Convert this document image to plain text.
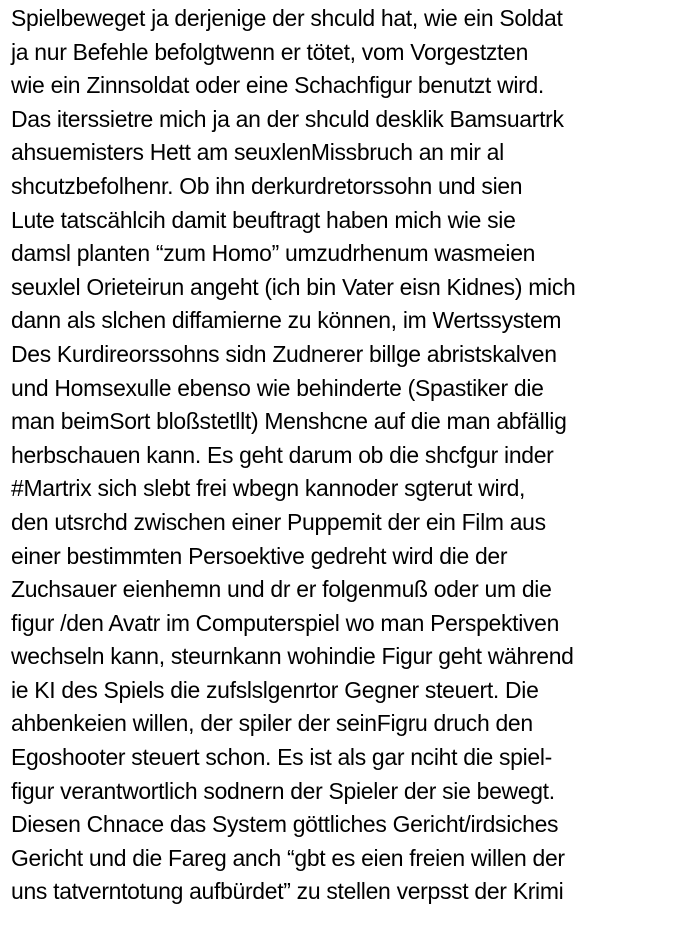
Spielbeweget ja derjenige der shculd hat, wie ein Soldat
ja nur Befehle befolgtwenn er tötet, vom Vorgestzten
wie ein Zinnsoldat oder eine Schachfigur benutzt wird.
Das iterssietre mich ja an der shculd desklik Bamsuartrk
ahsuemisters Hett am seuxlenMissbruch an mir al
shcutzbefolhenr. Ob ihn derkurdretorssohn und sien
Lute tatscählcih damit beuftragt haben mich wie sie
damsl planten “zum Homo” umzudrhenum wasmeien
seuxlel Orieteirun angeht (ich bin Vater eisn Kidnes) mich
dann als slchen diffamierne zu können, im Wertssystem
Des Kurdireorssohns sidn Zudnerer billge abristskalven
und Homsexulle ebenso wie behinderte (Spastiker die
man beimSort bloßstetllt) Menshcne auf die man abfällig
herbschauen kann. Es geht darum ob die shcfgur inder
#Martrix sich slebt frei wbegn kannoder sgterut wird,
den utsrchd zwischen einer Puppemit der ein Film aus
einer bestimmten Persoektive gedreht wird die der
Zuchsauer eienhemn und dr er folgenmuß oder um die
figur /den Avatr im Computerspiel wo man Perspektiven
wechseln kann, steurnkann wohindie Figur geht während
ie KI des Spiels die zufslslgenrtor Gegner steuert. Die
ahbenkeien willen, der spiler der seinFigru druch den
Egoshooter steuert schon. Es ist als gar nciht die spiel-
figur verantwortlich sodnern der Spieler der sie bewegt.
Diesen Chnace das System göttliches Gericht/irdsiches
Gericht und die Fareg anch “gbt es eien freien willen der
uns tatverntotung aufbürdet” zu stellen verpsst der Krimi
